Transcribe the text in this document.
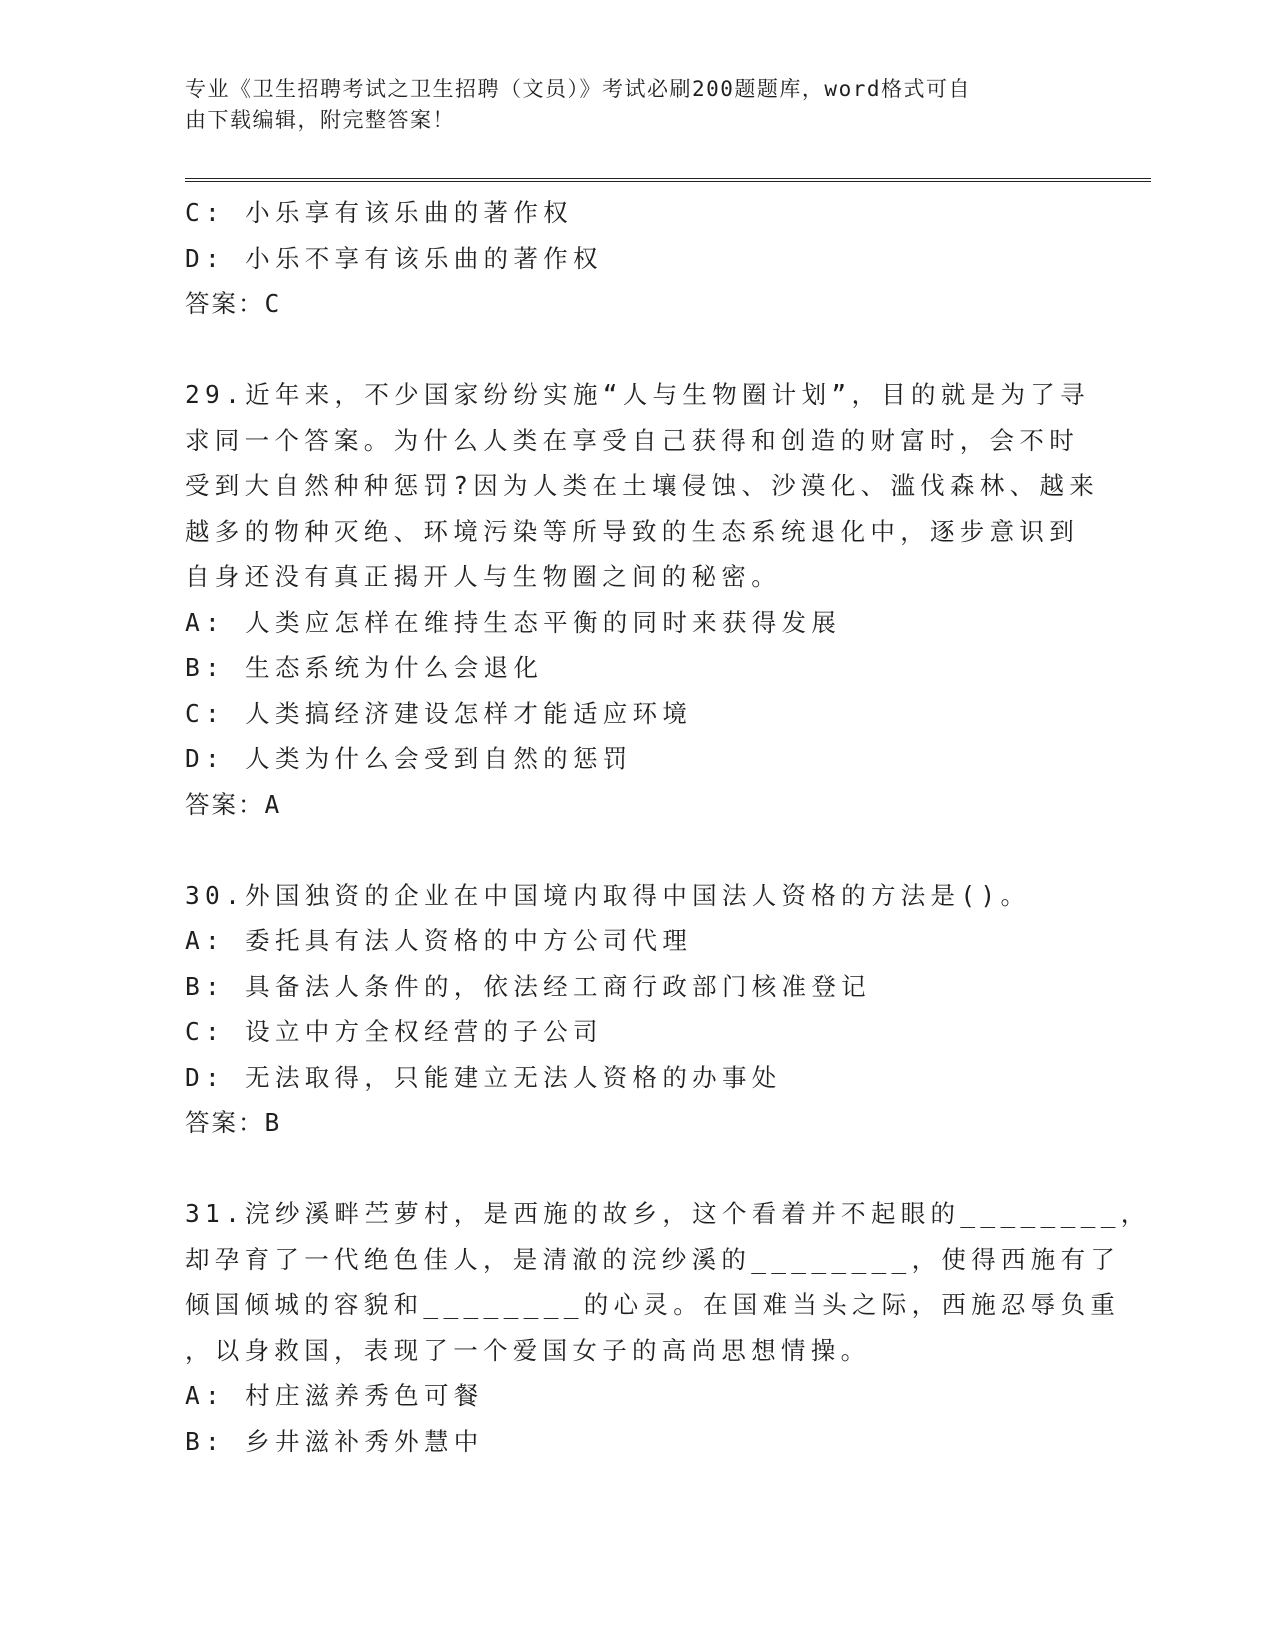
专业《卫生招聘考试之卫生招聘（文员）》考试必刷200题题库，word格式可自
由下载编辑，附完整答案！
C: 小乐享有该乐曲的著作权
D: 小乐不享有该乐曲的著作权
答案：C
29.近年来，不少国家纷纷实施“人与生物圈计划”，目的就是为了寻
求同一个答案。为什么人类在享受自己获得和创造的财富时，会不时
受到大自然种种惩罚?因为人类在土壤侵蚀、沙漠化、滥伐森林、越来
越多的物种灭绝、环境污染等所导致的生态系统退化中，逐步意识到
自身还没有真正揭开人与生物圈之间的秘密。
A: 人类应怎样在维持生态平衡的同时来获得发展
B: 生态系统为什么会退化
C: 人类搞经济建设怎样才能适应环境
D: 人类为什么会受到自然的惩罚
答案：A
30.外国独资的企业在中国境内取得中国法人资格的方法是()。
A: 委托具有法人资格的中方公司代理
B: 具备法人条件的，依法经工商行政部门核准登记
C: 设立中方全权经营的子公司
D: 无法取得，只能建立无法人资格的办事处
答案：B
31.浣纱溪畔苎萝村，是西施的故乡，这个看着并不起眼的________，
却孕育了一代绝色佳人，是清澈的浣纱溪的________，使得西施有了
倾国倾城的容貌和________的心灵。在国难当头之际，西施忍辱负重
，以身救国，表现了一个爱国女子的高尚思想情操。
A: 村庄滋养秀色可餐
B: 乡井滋补秀外慧中
